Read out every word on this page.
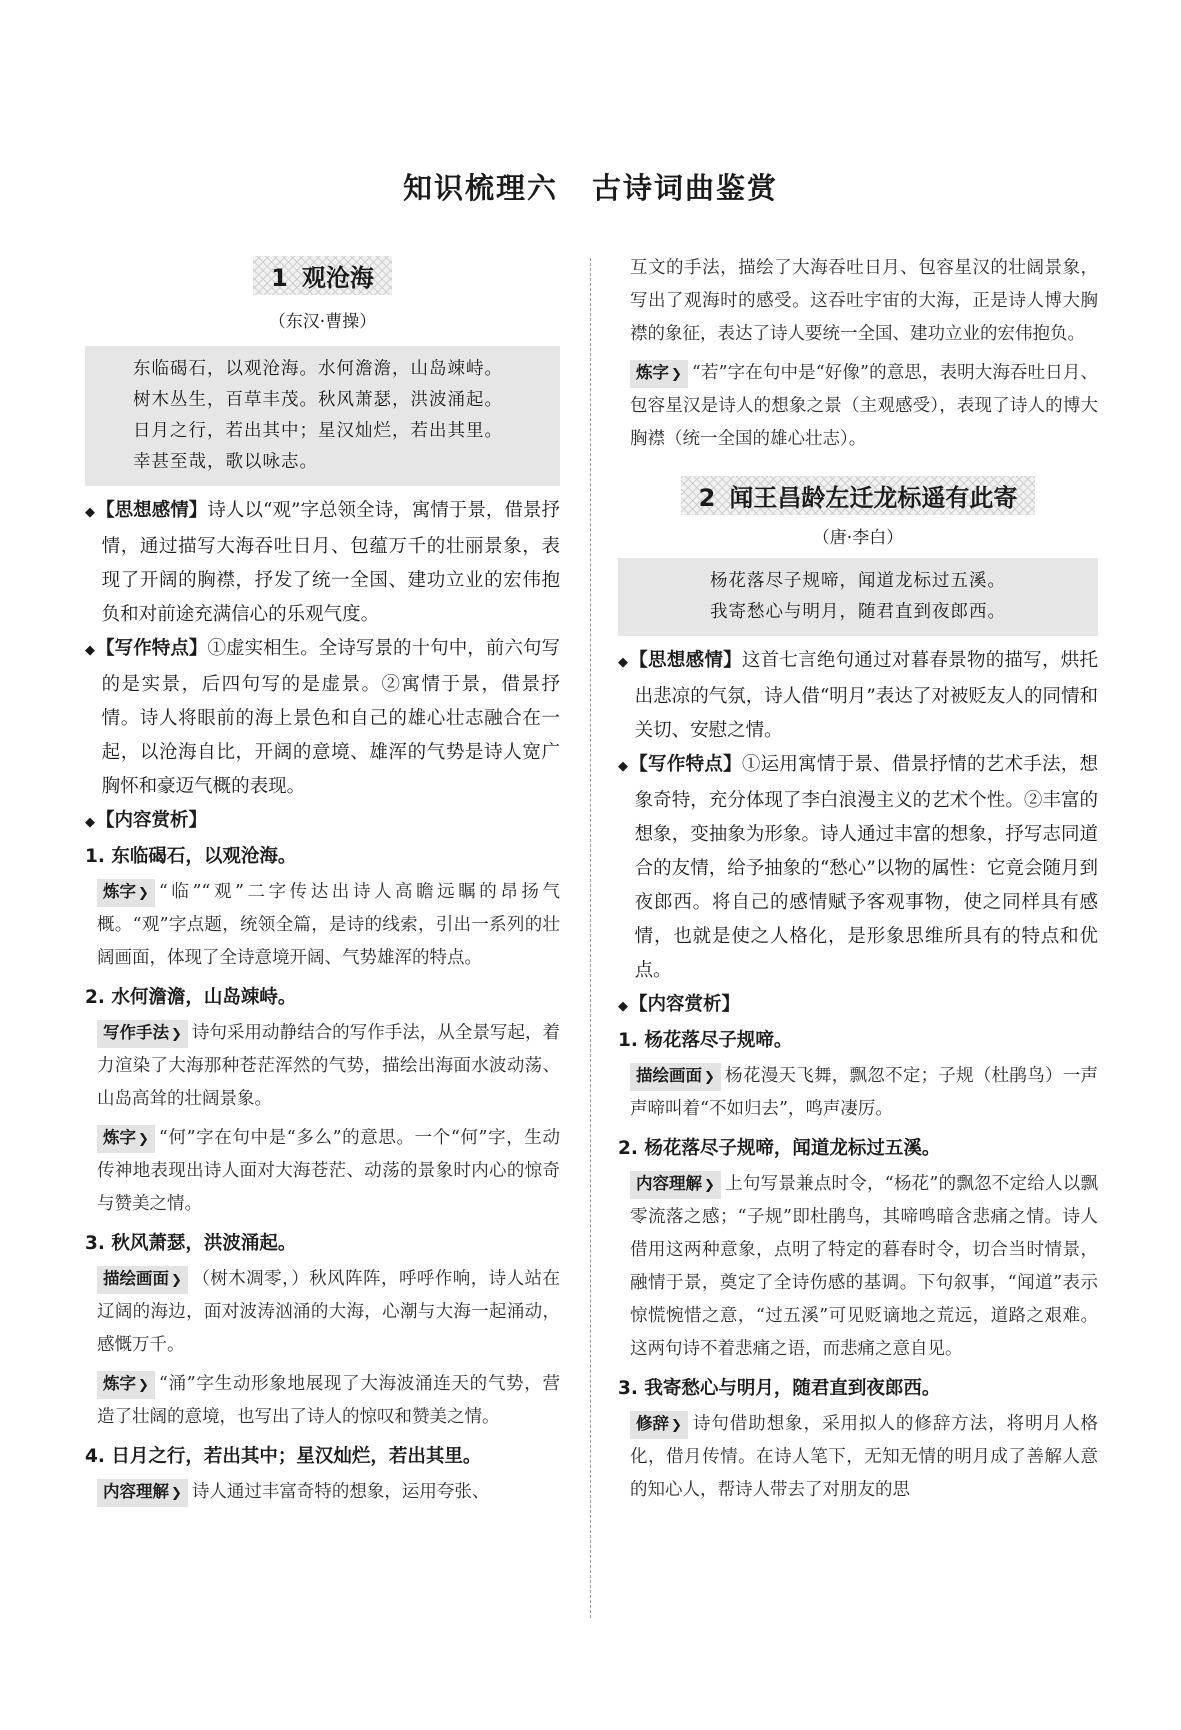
知识梳理六 古诗词曲鉴赏
1 观沧海
（东汉·曹操）
东临碣石，以观沧海。水何澹澹，山岛竦峙。
树木丛生，百草丰茂。秋风萧瑟，洪波涌起。
日月之行，若出其中；星汉灿烂，若出其里。
幸甚至哉，歌以咏志。

◆【思想感情】诗人以“观”字总领全诗，寓情于景，借景抒情，通过描写大海吞吐日月、包蕴万千的壮丽景象，表现了开阔的胸襟，抒发了统一全国、建功立业的宏伟抱负和对前途充满信心的乐观气度。

◆【写作特点】①虚实相生。全诗写景的十句中，前六句写的是实景，后四句写的是虚景。②寓情于景，借景抒情。诗人将眼前的海上景色和自己的雄心壮志融合在一起，以沧海自比，开阔的意境、雄浑的气势是诗人宽广胸怀和豪迈气概的表现。

◆【内容赏析】

1. 东临碣石，以观沧海。

炼字 ❯ “临”“观”二字传达出诗人高瞻远瞩的昂扬气概。“观”字点题，统领全篇，是诗的线索，引出一系列的壮阔画面，体现了全诗意境开阔、气势雄浑的特点。

2. 水何澹澹，山岛竦峙。

写作手法 ❯ 诗句采用动静结合的写作手法，从全景写起，着力渲染了大海那种苍茫浑然的气势，描绘出海面水波动荡、山岛高耸的壮阔景象。

炼字 ❯ “何”字在句中是“多么”的意思。一个“何”字，生动传神地表现出诗人面对大海苍茫、动荡的景象时内心的惊奇与赞美之情。

3. 秋风萧瑟，洪波涌起。

描绘画面 ❯ （树木凋零，）秋风阵阵，呼呼作响，诗人站在辽阔的海边，面对波涛汹涌的大海，心潮与大海一起涌动，感慨万千。

炼字 ❯ “涌”字生动形象地展现了大海波涌连天的气势，营造了壮阔的意境，也写出了诗人的惊叹和赞美之情。

4. 日月之行，若出其中；星汉灿烂，若出其里。

内容理解 ❯ 诗人通过丰富奇特的想象，运用夸张、

互文的手法，描绘了大海吞吐日月、包容星汉的壮阔景象，写出了观海时的感受。这吞吐宇宙的大海，正是诗人博大胸襟的象征，表达了诗人要统一全国、建功立业的宏伟抱负。

炼字 ❯ “若”字在句中是“好像”的意思，表明大海吞吐日月、包容星汉是诗人的想象之景（主观感受），表现了诗人的博大胸襟（统一全国的雄心壮志）。

2 闻王昌龄左迁龙标遥有此寄
（唐·李白）
杨花落尽子规啼，闻道龙标过五溪。
我寄愁心与明月，随君直到夜郎西。

◆【思想感情】这首七言绝句通过对暮春景物的描写，烘托出悲凉的气氛，诗人借“明月”表达了对被贬友人的同情和关切、安慰之情。

◆【写作特点】①运用寓情于景、借景抒情的艺术手法，想象奇特，充分体现了李白浪漫主义的艺术个性。②丰富的想象，变抽象为形象。诗人通过丰富的想象，抒写志同道合的友情，给予抽象的“愁心”以物的属性：它竟会随月到夜郎西。将自己的感情赋予客观事物，使之同样具有感情，也就是使之人格化，是形象思维所具有的特点和优点。

◆【内容赏析】

1. 杨花落尽子规啼。

描绘画面 ❯ 杨花漫天飞舞，飘忽不定；子规（杜鹃鸟）一声声啼叫着“不如归去”，鸣声凄厉。

2. 杨花落尽子规啼，闻道龙标过五溪。

内容理解 ❯ 上句写景兼点时令，“杨花”的飘忽不定给人以飘零流落之感；“子规”即杜鹃鸟，其啼鸣暗含悲痛之情。诗人借用这两种意象，点明了特定的暮春时令，切合当时情景，融情于景，奠定了全诗伤感的基调。下句叙事，“闻道”表示惊慌惋惜之意，“过五溪”可见贬谪地之荒远，道路之艰难。这两句诗不着悲痛之语，而悲痛之意自见。

3. 我寄愁心与明月，随君直到夜郎西。

修辞 ❯ 诗句借助想象，采用拟人的修辞方法，将明月人格化，借月传情。在诗人笔下，无知无情的明月成了善解人意的知心人，帮诗人带去了对朋友的思
